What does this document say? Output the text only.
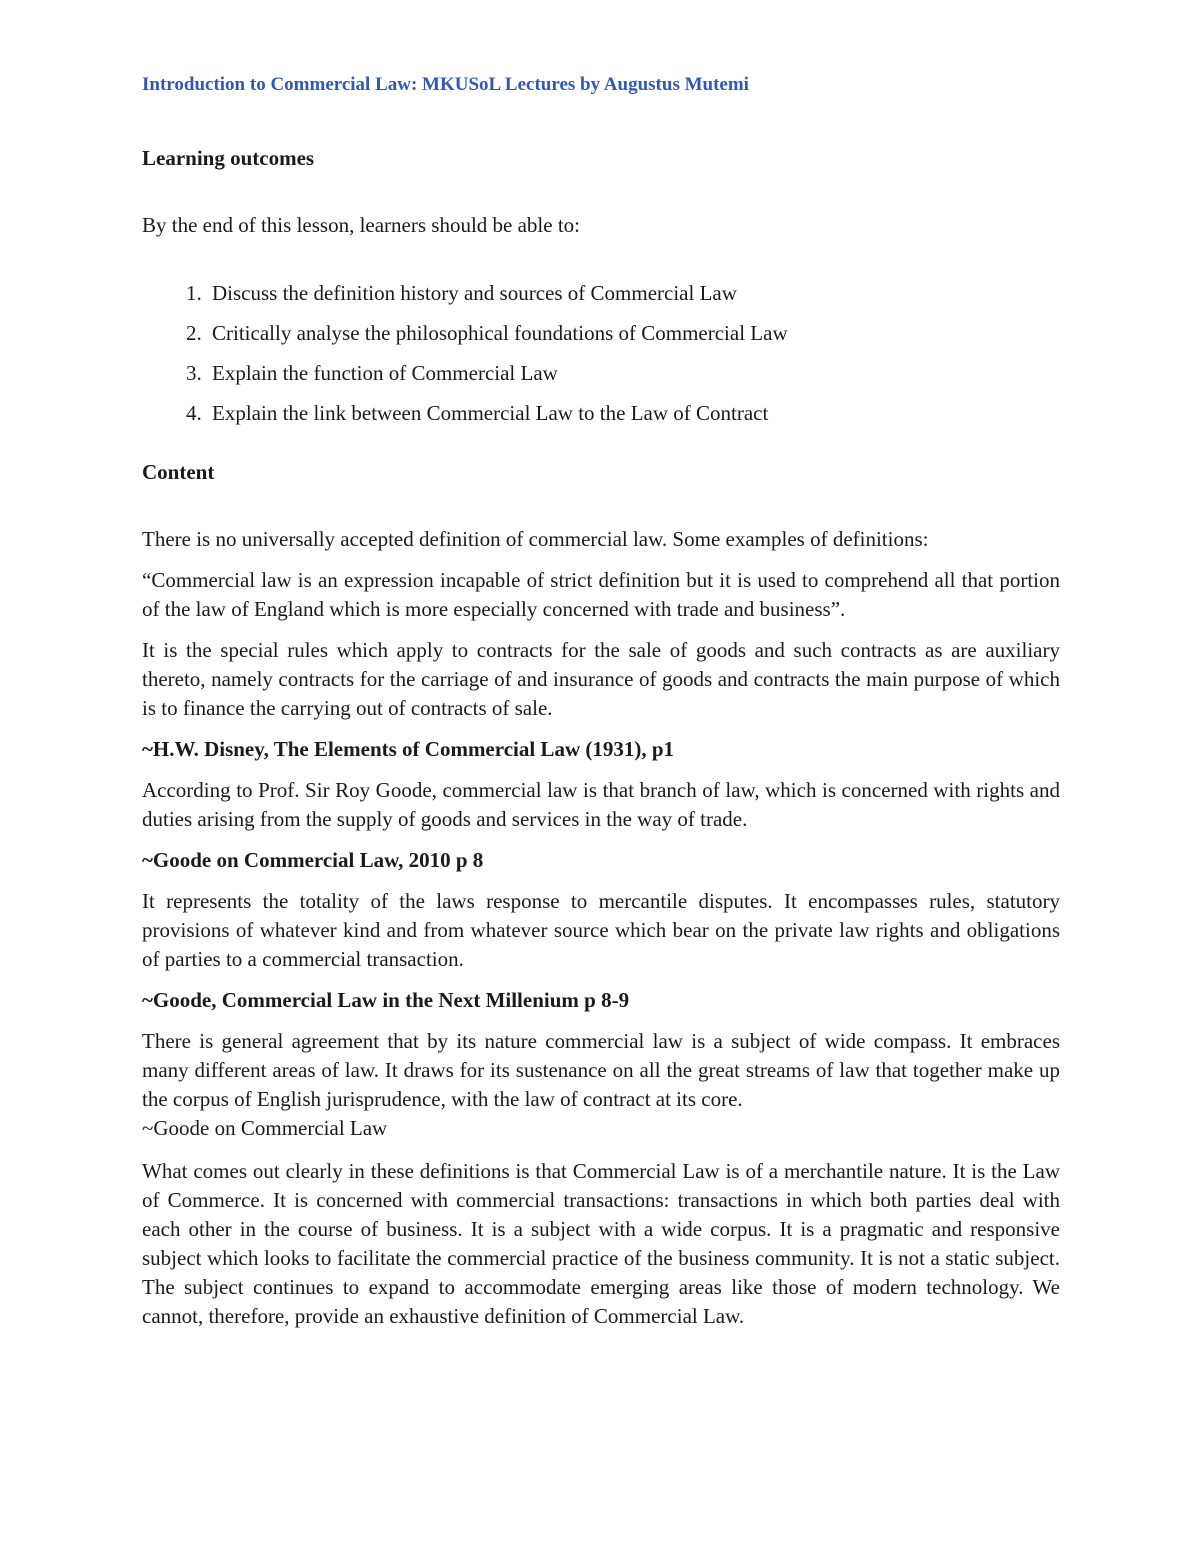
Introduction to Commercial Law: MKUSoL Lectures by Augustus Mutemi
Learning outcomes

By the end of this lesson, learners should be able to:

1. Discuss the definition history and sources of Commercial Law
2. Critically analyse the philosophical foundations of Commercial Law
3. Explain the function of Commercial Law
4. Explain the link between Commercial Law to the Law of Contract
Content

There is no universally accepted definition of commercial law. Some examples of definitions:

“Commercial law is an expression incapable of strict definition but it is used to comprehend all that portion of the law of England which is more especially concerned with trade and business”.

It is the special rules which apply to contracts for the sale of goods and such contracts as are auxiliary thereto, namely contracts for the carriage of and insurance of goods and contracts the main purpose of which is to finance the carrying out of contracts of sale.

~H.W. Disney, The Elements of Commercial Law (1931), p1

According to Prof. Sir Roy Goode, commercial law is that branch of law, which is concerned with rights and duties arising from the supply of goods and services in the way of trade.

~Goode on Commercial Law, 2010 p 8

It represents the totality of the laws response to mercantile disputes. It encompasses rules, statutory provisions of whatever kind and from whatever source which bear on the private law rights and obligations of parties to a commercial transaction.

~Goode, Commercial Law in the Next Millenium p 8-9

There is general agreement that by its nature commercial law is a subject of wide compass. It embraces many different areas of law. It draws for its sustenance on all the great streams of law that together make up the corpus of English jurisprudence, with the law of contract at its core.
~Goode on Commercial Law

What comes out clearly in these definitions is that Commercial Law is of a merchantile nature. It is the Law of Commerce. It is concerned with commercial transactions: transactions in which both parties deal with each other in the course of business. It is a subject with a wide corpus. It is a pragmatic and responsive subject which looks to facilitate the commercial practice of the business community. It is not a static subject. The subject continues to expand to accommodate emerging areas like those of modern technology. We cannot, therefore, provide an exhaustive definition of Commercial Law.
